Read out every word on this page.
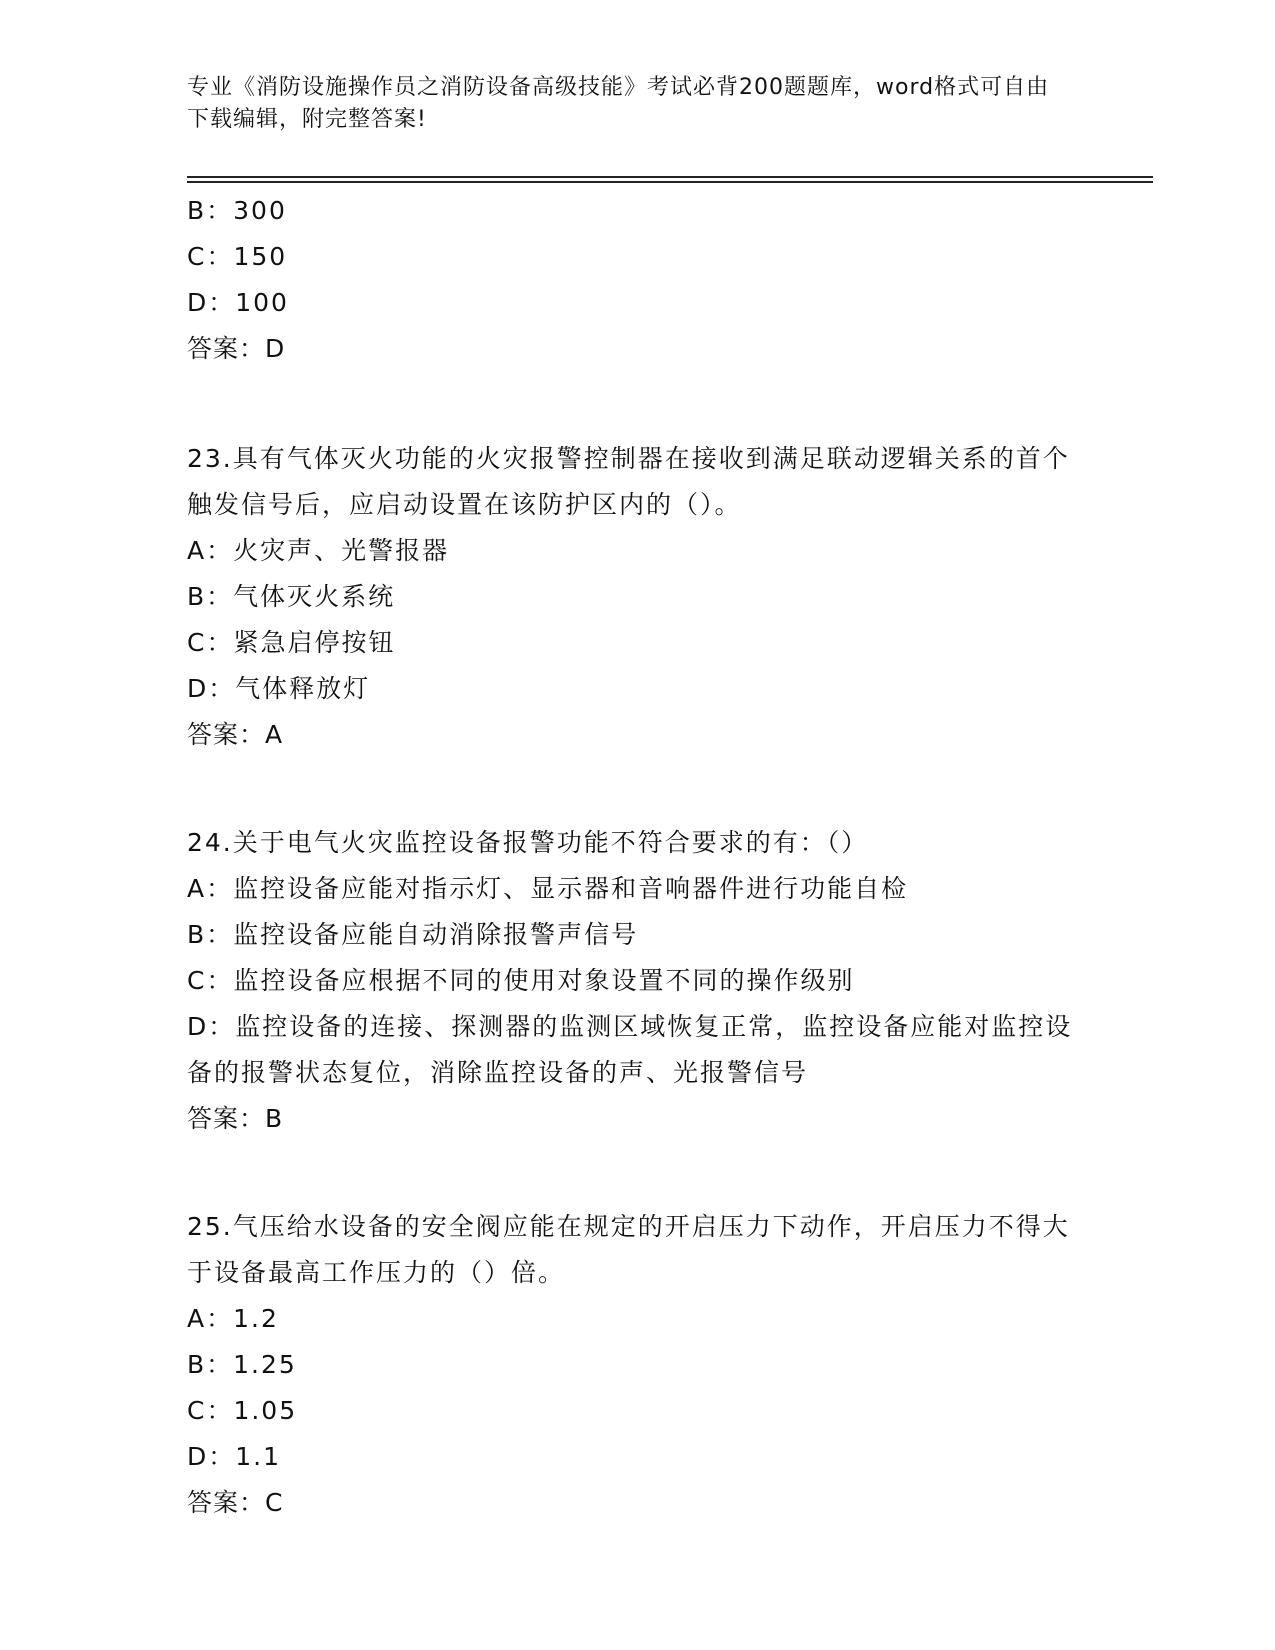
专业《消防设施操作员之消防设备高级技能》考试必背200题题库，word格式可自由下载编辑，附完整答案!
B：300
C：150
D：100
答案：D
23.具有气体灭火功能的火灾报警控制器在接收到满足联动逻辑关系的首个触发信号后，应启动设置在该防护区内的（）。
A：火灾声、光警报器
B：气体灭火系统
C：紧急启停按钮
D：气体释放灯
答案：A
24.关于电气火灾监控设备报警功能不符合要求的有：（）
A：监控设备应能对指示灯、显示器和音响器件进行功能自检
B：监控设备应能自动消除报警声信号
C：监控设备应根据不同的使用对象设置不同的操作级别
D：监控设备的连接、探测器的监测区域恢复正常，监控设备应能对监控设备的报警状态复位，消除监控设备的声、光报警信号
答案：B
25.气压给水设备的安全阀应能在规定的开启压力下动作，开启压力不得大于设备最高工作压力的（）倍。
A：1.2
B：1.25
C：1.05
D：1.1
答案：C
